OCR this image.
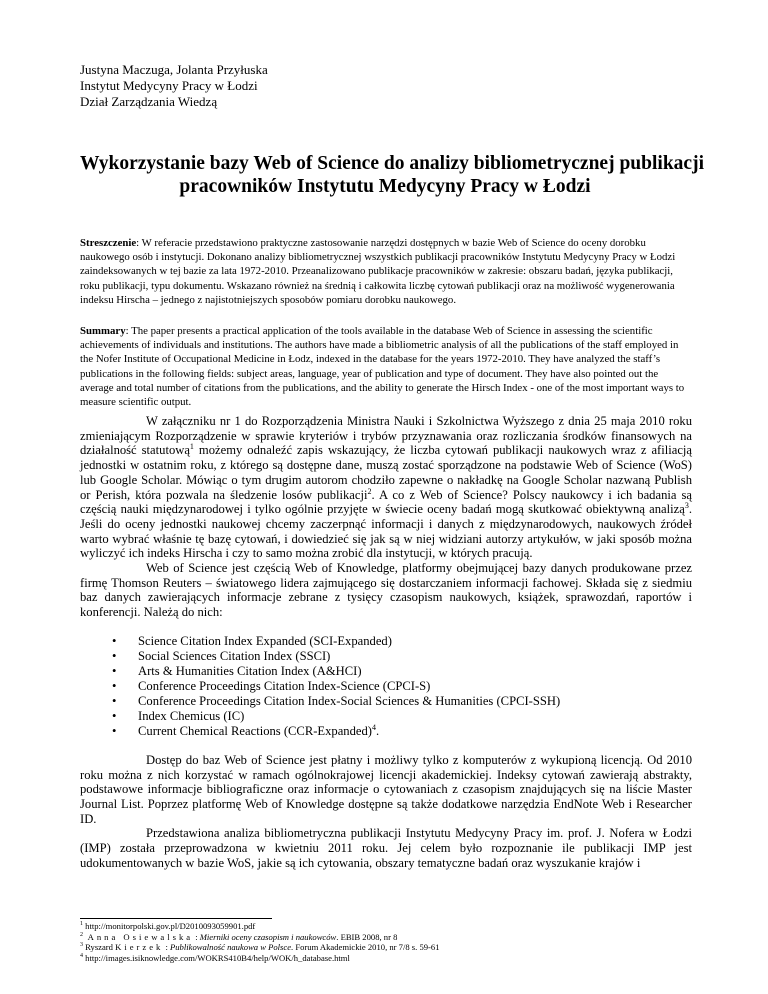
Justyna Maczuga, Jolanta Przyłuska
Instytut Medycyny Pracy w Łodzi
Dział Zarządzania Wiedzą
Wykorzystanie bazy Web of Science do analizy bibliometrycznej publikacji
pracowników Instytutu Medycyny Pracy w Łodzi
Streszczenie: W referacie przedstawiono praktyczne zastosowanie narzędzi dostępnych w bazie Web of Science do oceny dorobku naukowego osób i instytucji. Dokonano analizy bibliometrycznej wszystkich publikacji pracowników Instytutu Medycyny Pracy w Łodzi zaindeksowanych w tej bazie za lata 1972-2010. Przeanalizowano publikacje pracowników w zakresie: obszaru badań, języka publikacji, roku publikacji, typu dokumentu. Wskazano również na średnią i całkowita liczbę cytowań publikacji oraz na możliwość wygenerowania indeksu Hirscha – jednego z najistotniejszych sposobów pomiaru dorobku naukowego.
Summary: The paper presents a practical application of the tools available in the database Web of Science in assessing the scientific achievements of individuals and institutions. The authors have made a bibliometric analysis of all the publications of the staff employed in the Nofer Institute of Occupational Medicine in Łodz, indexed in the database for the years 1972-2010. They have analyzed the staff’s publications in the following fields: subject areas, language, year of publication and type of document. They have also pointed out the average and total number of citations from the publications, and the ability to generate the Hirsch Index - one of the most important ways to measure scientific output.

W załączniku nr 1 do Rozporządzenia Ministra Nauki i Szkolnictwa Wyższego z dnia 25 maja 2010 roku zmieniającym Rozporządzenie w sprawie kryteriów i trybów przyznawania oraz rozliczania środków finansowych na działalność statutową$^1$ możemy odnaleźć zapis wskazujący, że liczba cytowań publikacji naukowych wraz z afiliacją jednostki w ostatnim roku, z którego są dostępne dane, muszą zostać sporządzone na podstawie Web of Science (WoS) lub Google Scholar. Mówiąc o tym drugim autorom chodziło zapewne o nakładkę na Google Scholar nazwaną Publish or Perish, która pozwala na śledzenie losów publikacji$^2$. A co z Web of Science? Polscy naukowcy i ich badania są częścią nauki międzynarodowej i tylko ogólnie przyjęte w świecie oceny badań mogą skutkować obiektywną analizą$^3$. Jeśli do oceny jednostki naukowej chcemy zaczerpnąć informacji i danych z międzynarodowych, naukowych źródeł warto wybrać właśnie tę bazę cytowań, i dowiedzieć się jak są w niej widziani autorzy artykułów, w jaki sposób można wyliczyć ich indeks Hirscha i czy to samo można zrobić dla instytucji, w których pracują.

Web of Science jest częścią Web of Knowledge, platformy obejmującej bazy danych produkowane przez firmę Thomson Reuters – światowego lidera zajmującego się dostarczaniem informacji fachowej. Składa się z siedmiu baz danych zawierających informacje zebrane z tysięcy czasopism naukowych, książek, sprawozdań, raportów i konferencji. Należą do nich:

• Science Citation Index Expanded (SCI-Expanded)
• Social Sciences Citation Index (SSCI)
• Arts & Humanities Citation Index (A&HCI)
• Conference Proceedings Citation Index-Science (CPCI-S)
• Conference Proceedings Citation Index-Social Sciences & Humanities (CPCI-SSH)
• Index Chemicus (IC)
• Current Chemical Reactions (CCR-Expanded)$^4$.

Dostęp do baz Web of Science jest płatny i możliwy tylko z komputerów z wykupioną licencją. Od 2010 roku można z nich korzystać w ramach ogólnokrajowej licencji akademickiej. Indeksy cytowań zawierają abstrakty, podstawowe informacje bibliograficzne oraz informacje o cytowaniach z czasopism znajdujących się na liście Master Journal List. Poprzez platformę Web of Knowledge dostępne są także dodatkowe narzędzia EndNote Web i Researcher ID.

Przedstawiona analiza bibliometryczna publikacji Instytutu Medycyny Pracy im. prof. J. Nofera w Łodzi (IMP) została przeprowadzona w kwietniu 2011 roku. Jej celem było rozpoznanie ile publikacji IMP jest udokumentowanych w bazie WoS, jakie są ich cytowania, obszary tematyczne badań oraz wyszukanie krajów i

$^1$ http://monitorpolski.gov.pl/D2010093059901.pdf
$^2$ Anna Osiewalska : Mierniki oceny czasopism i naukowców. EBIB 2008, nr 8
$^3$ Ryszard Kierzek : Publikowalność naukowa w Polsce. Forum Akademickie 2010, nr 7/8 s. 59-61
$^4$ http://images.isiknowledge.com/WOKRS410B4/help/WOK/h_database.html
